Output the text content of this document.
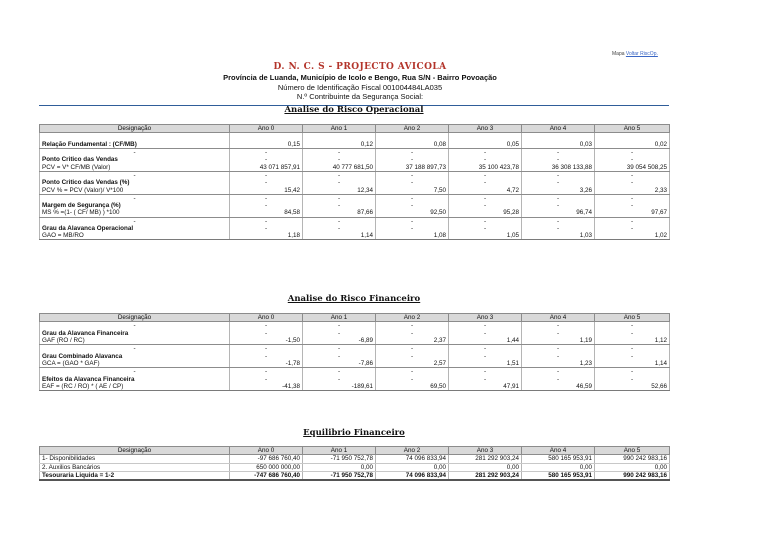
Mapa Voltar RiscOp.
D. N. C. S - PROJECTO AVICOLA
Província de Luanda, Município de Icolo e Bengo, Rua S/N - Bairro Povoação
Número de Identificação Fiscal 001004484LA035
N.º Contribuinte da Segurança Social:
Analise do Risco Operacional
Designação	Ano 0	Ano 1	Ano 2	Ano 3	Ano 4	Ano 5

Relação Fundamental : (CF/MB)	0,15	0,12	0,08	0,05	0,03	0,02
-	-	-	-	-	-	-
Ponto Critico das Vendas	-	-	-	-	-	-
PCV = V* CF/MB (Valor)	43 071 857,91	40 777 681,50	37 188 897,73	35 100 423,78	36 308 133,88	39 054 508,25
-	-	-	-	-	-	-
Ponto Critico das Vendas (%)	-	-	-	-	-	-
PCV % = PCV (Valor)/ V*100	15,42	12,34	7,50	4,72	3,26	2,33
-	-	-	-	-	-	-
Margem de Segurança (%)	-	-	-	-	-	-
MS % =(1- ( CF/ MB) ) *100	84,58	87,66	92,50	95,28	96,74	97,67
-	-	-	-	-	-	-
Grau da Alavanca Operacional	-	-	-	-	-	-
GAO = MB/RO	1,18	1,14	1,08	1,05	1,03	1,02
Analise do Risco Financeiro
Designação	Ano 0	Ano 1	Ano 2	Ano 3	Ano 4	Ano 5
-	-	-	-	-	-	-
Grau da Alavanca Financeira	-	-	-	-	-	-
GAF (RO / RC)	-1,50	-6,89	2,37	1,44	1,19	1,12
-	-	-	-	-	-	-
Grau Combinado Alavanca	-	-	-	-	-	-
GCA = (GAO * GAF)	-1,78	-7,86	2,57	1,51	1,23	1,14
-	-	-	-	-	-	-
Efeitos da Alavanca Financeira	-	-	-	-	-	-
EAF = (RC / RO) * ( AE / CP)	-41,38	-189,61	69,50	47,91	46,59	52,66
Equilibrio Financeiro
Designação	Ano 0	Ano 1	Ano 2	Ano 3	Ano 4	Ano 5
1- Disponibilidades	-97 686 760,40	-71 950 752,78	74 096 833,94	281 292 903,24	580 165 953,91	990 242 983,16
2. Auxilios Bancários	650 000 000,00	0,00	0,00	0,00	0,00	0,00
Tesouraria Liquida = 1-2	-747 686 760,40	-71 950 752,78	74 096 833,94	281 292 903,24	580 165 953,91	990 242 983,16
